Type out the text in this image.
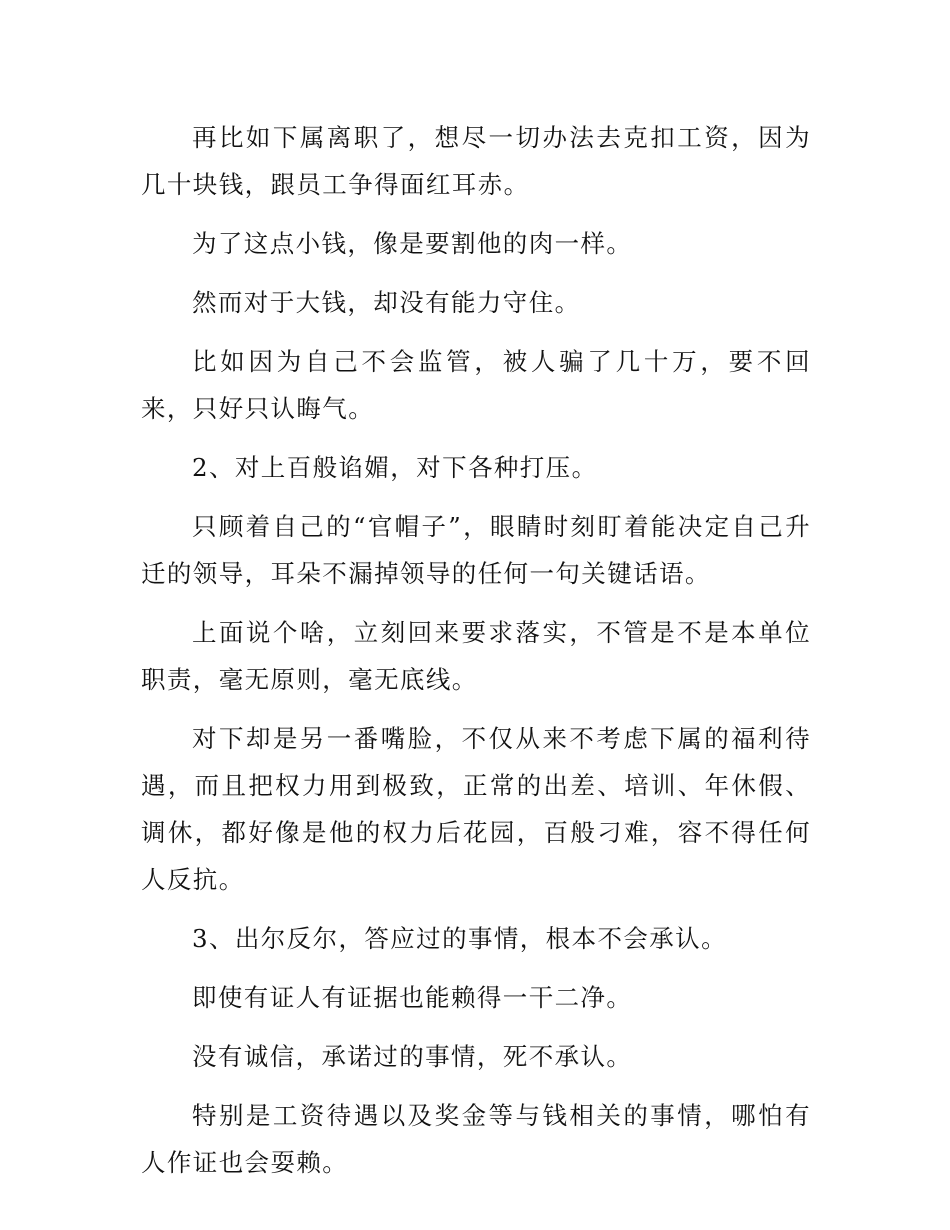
再比如下属离职了，想尽一切办法去克扣工资，因为几十块钱，跟员工争得面红耳赤。

为了这点小钱，像是要割他的肉一样。

然而对于大钱，却没有能力守住。

比如因为自己不会监管，被人骗了几十万，要不回来，只好只认晦气。

2、对上百般谄媚，对下各种打压。

只顾着自己的“官帽子”，眼睛时刻盯着能决定自己升迁的领导，耳朵不漏掉领导的任何一句关键话语。

上面说个啥，立刻回来要求落实，不管是不是本单位职责，毫无原则，毫无底线。

对下却是另一番嘴脸，不仅从来不考虑下属的福利待遇，而且把权力用到极致，正常的出差、培训、年休假、调休，都好像是他的权力后花园，百般刁难，容不得任何人反抗。

3、出尔反尔，答应过的事情，根本不会承认。

即使有证人有证据也能赖得一干二净。

没有诚信，承诺过的事情，死不承认。

特别是工资待遇以及奖金等与钱相关的事情，哪怕有人作证也会耍赖。
